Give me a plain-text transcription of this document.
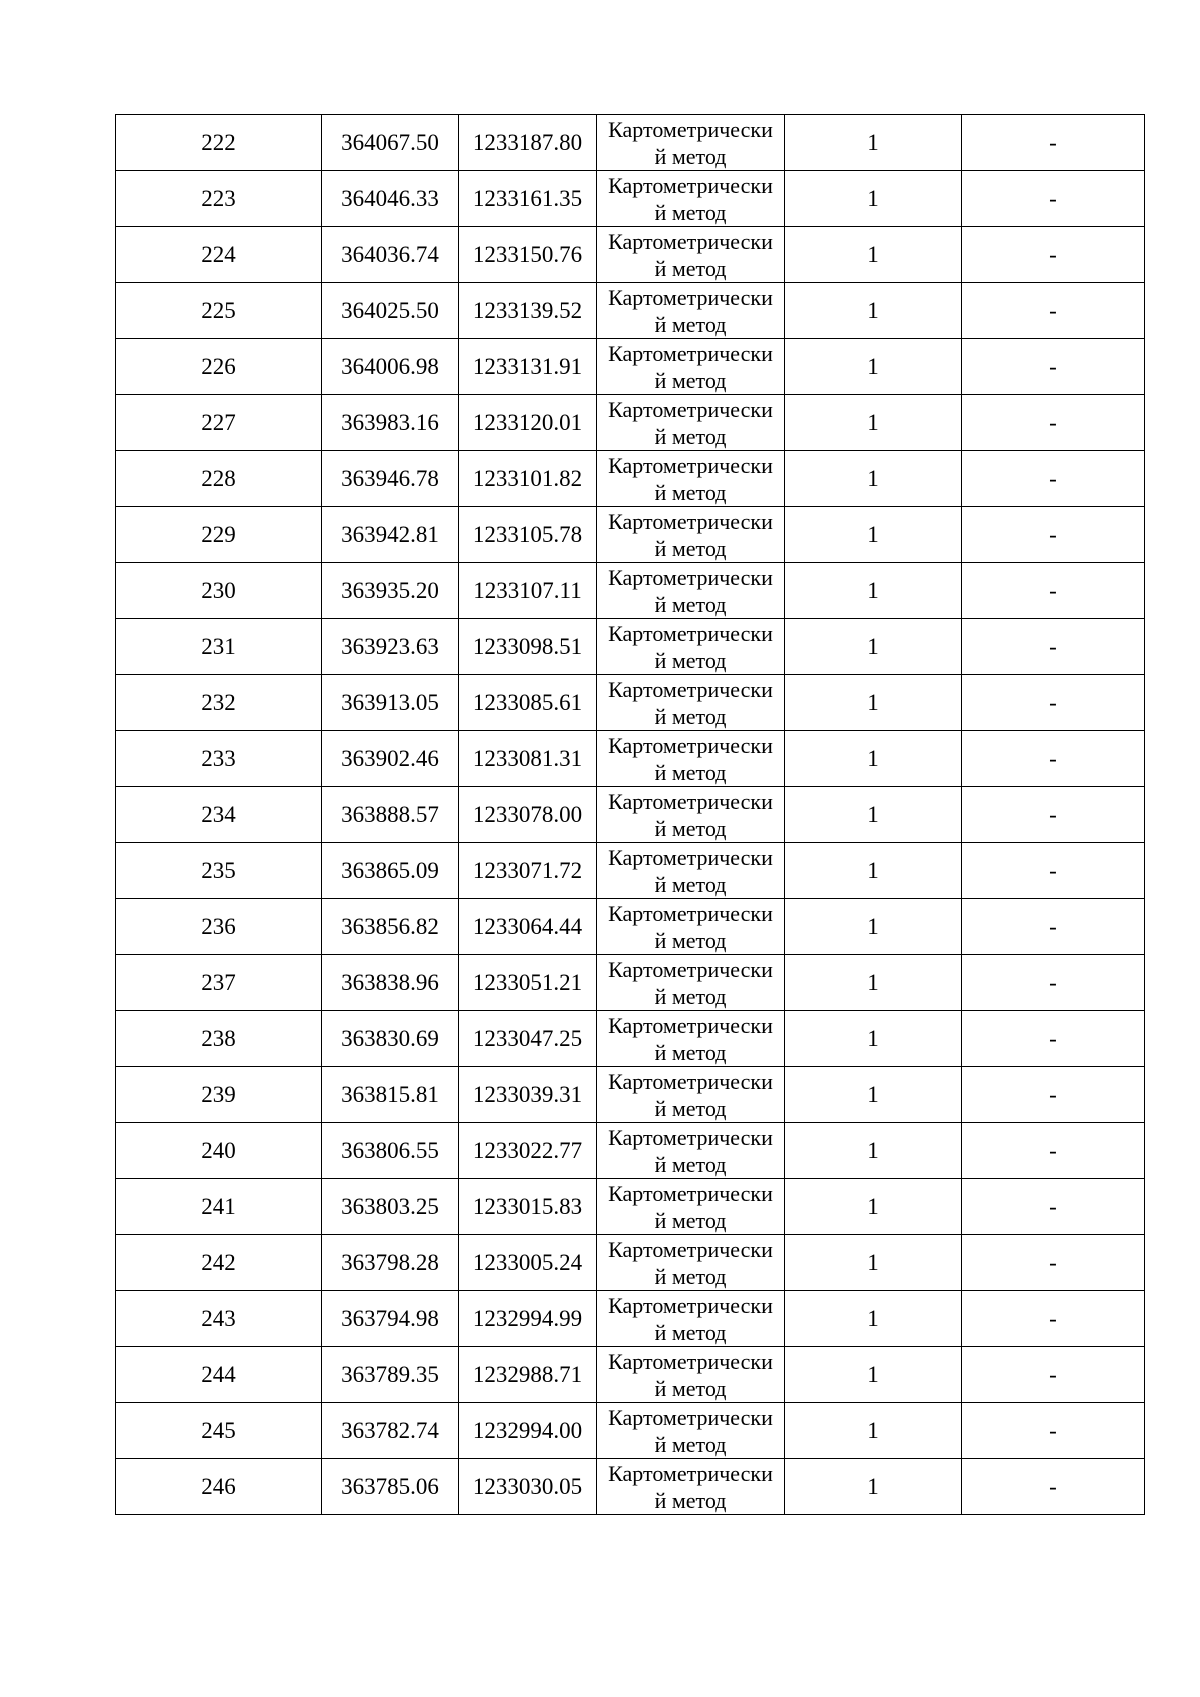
222	364067.50	1233187.80	Картометрически
й метод	1	-
223	364046.33	1233161.35	Картометрически
й метод	1	-
224	364036.74	1233150.76	Картометрически
й метод	1	-
225	364025.50	1233139.52	Картометрически
й метод	1	-
226	364006.98	1233131.91	Картометрически
й метод	1	-
227	363983.16	1233120.01	Картометрически
й метод	1	-
228	363946.78	1233101.82	Картометрически
й метод	1	-
229	363942.81	1233105.78	Картометрически
й метод	1	-
230	363935.20	1233107.11	Картометрически
й метод	1	-
231	363923.63	1233098.51	Картометрически
й метод	1	-
232	363913.05	1233085.61	Картометрически
й метод	1	-
233	363902.46	1233081.31	Картометрически
й метод	1	-
234	363888.57	1233078.00	Картометрически
й метод	1	-
235	363865.09	1233071.72	Картометрически
й метод	1	-
236	363856.82	1233064.44	Картометрически
й метод	1	-
237	363838.96	1233051.21	Картометрически
й метод	1	-
238	363830.69	1233047.25	Картометрически
й метод	1	-
239	363815.81	1233039.31	Картометрически
й метод	1	-
240	363806.55	1233022.77	Картометрически
й метод	1	-
241	363803.25	1233015.83	Картометрически
й метод	1	-
242	363798.28	1233005.24	Картометрически
й метод	1	-
243	363794.98	1232994.99	Картометрически
й метод	1	-
244	363789.35	1232988.71	Картометрически
й метод	1	-
245	363782.74	1232994.00	Картометрически
й метод	1	-
246	363785.06	1233030.05	Картометрически
й метод	1	-
